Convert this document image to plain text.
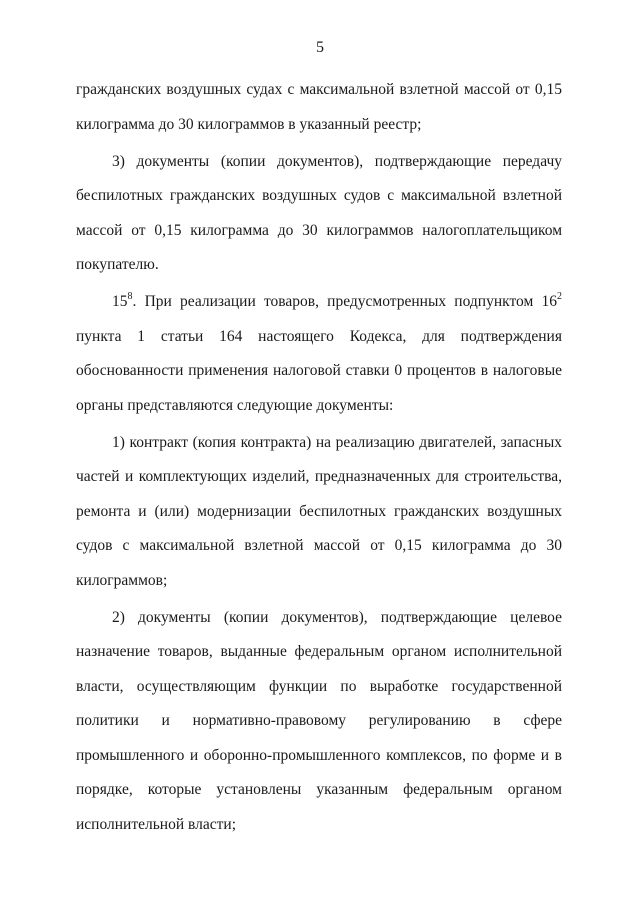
5

гражданских воздушных судах с максимальной взлетной массой от 0,15 килограмма до 30 килограммов в указанный реестр;

3) документы (копии документов), подтверждающие передачу беспилотных гражданских воздушных судов с максимальной взлетной массой от 0,15 килограмма до 30 килограммов налогоплательщиком покупателю.

$15^8$. При реализации товаров, предусмотренных подпунктом $16^2$ пункта 1 статьи 164 настоящего Кодекса, для подтверждения обоснованности применения налоговой ставки 0 процентов в налоговые органы представляются следующие документы:

1) контракт (копия контракта) на реализацию двигателей, запасных частей и комплектующих изделий, предназначенных для строительства, ремонта и (или) модернизации беспилотных гражданских воздушных судов с максимальной взлетной массой от 0,15 килограмма до 30 килограммов;

2) документы (копии документов), подтверждающие целевое назначение товаров, выданные федеральным органом исполнительной власти, осуществляющим функции по выработке государственной политики и нормативно-правовому регулированию в сфере промышленного и оборонно-промышленного комплексов, по форме и в порядке, которые установлены указанным федеральным органом исполнительной власти;
